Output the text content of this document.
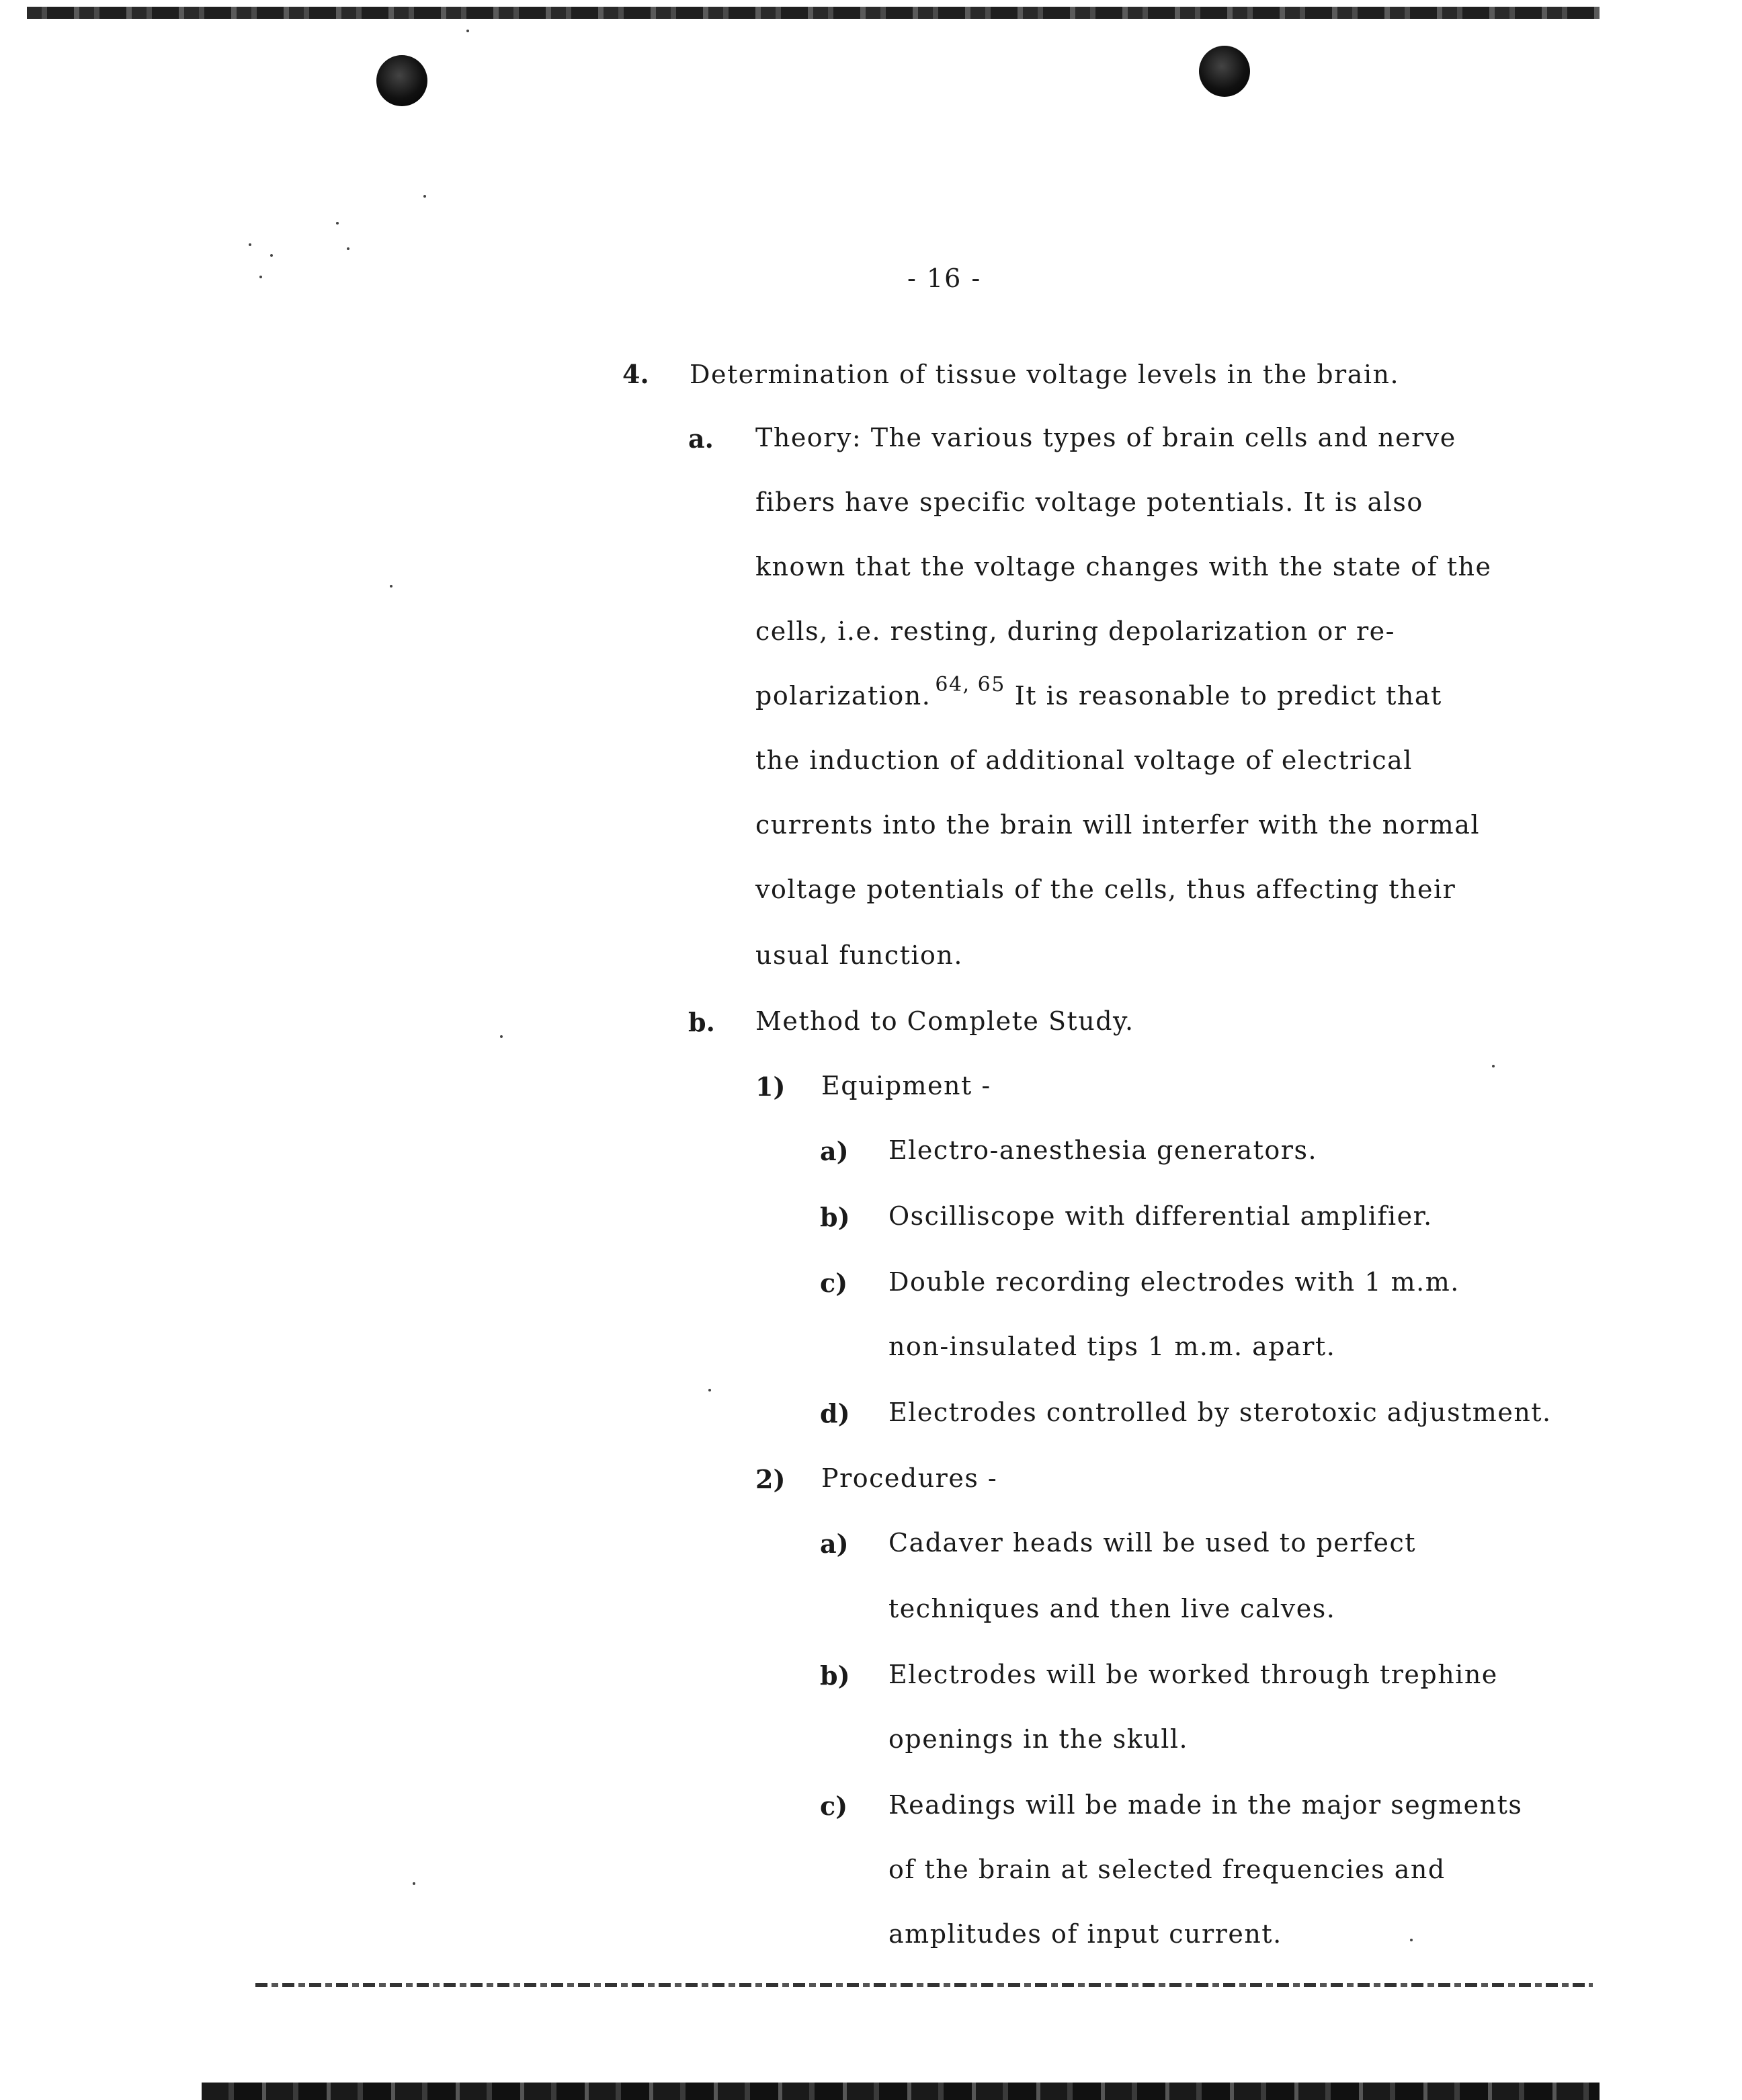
- 16 -
4. Determination of tissue voltage levels in the brain.
a. Theory: The various types of brain cells and nerve
fibers have specific voltage potentials. It is also
known that the voltage changes with the state of the
cells, i.e. resting, during depolarization or re-
polarization. $^{64, 65}$ It is reasonable to predict that
the induction of additional voltage of electrical
currents into the brain will interfer with the normal
voltage potentials of the cells, thus affecting their
usual function.
b. Method to Complete Study.
1) Equipment -
a) Electro-anesthesia generators.
b) Oscilliscope with differential amplifier.
c) Double recording electrodes with 1 m.m.
non-insulated tips 1 m.m. apart.
d) Electrodes controlled by sterotoxic adjustment.
2) Procedures -
a) Cadaver heads will be used to perfect
techniques and then live calves.
b) Electrodes will be worked through trephine
openings in the skull.
c) Readings will be made in the major segments
of the brain at selected frequencies and
amplitudes of input current.
